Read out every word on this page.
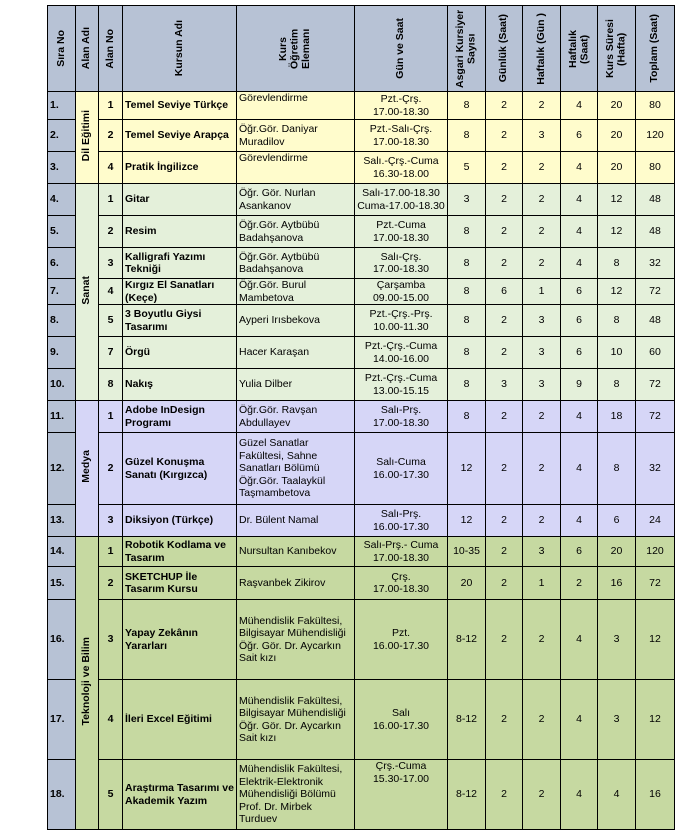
Sıra No	Alan Adı	Alan No	Kursun Adı	Kurs Öğretim Elemanı	Gün ve Saat	Asgari Kursiyer Sayısı	Günlük (Saat)	Haftalık (Gün )	Haftalık (Saat)	Kurs Süresi (Hafta)	Toplam (Saat)

1.	Dil Eğitimi	1	Temel Seviye Türkçe	Görevlendirme	Pzt.-Çrş.
17.00-18.30	8	2	2	4	20	80
2.		2	Temel Seviye Arapça	Öğr.Gör. Daniyar Muradilov	Pzt.-Salı-Çrş.
17.00-18.30	8	2	3	6	20	120
3.		4	Pratik İngilizce	Görevlendirme	Salı.-Çrş.-Cuma
16.30-18.00	5	2	2	4	20	80
4.	Sanat	1	Gitar	Öğr. Gör. Nurlan Asankanov	Salı-17.00-18.30
Cuma-17.00-18.30	3	2	2	4	12	48
5.		2	Resim	Öğr.Gör. Aytbübü Badahşanova	Pzt.-Cuma
17.00-18.30	8	2	2	4	12	48
6.		3	Kalligrafi Yazımı Tekniği	Öğr.Gör. Aytbübü Badahşanova	Salı-Çrş.
17.00-18.30	8	2	2	4	8	32
7.		4	Kırgız El Sanatları (Keçe)	Öğr.Gör. Burul Mambetova	Çarşamba
09.00-15.00	8	6	1	6	12	72
8.		5	3 Boyutlu Giysi Tasarımı	Ayperi Irısbekova	Pzt.-Çrş.-Prş.
10.00-11.30	8	2	3	6	8	48
9.		7	Örgü	Hacer Karaşan	Pzt.-Çrş.-Cuma
14.00-16.00	8	2	3	6	10	60
10.		8	Nakış	Yulia Dilber	Pzt.-Çrş.-Cuma
13.00-15.15	8	3	3	9	8	72
11.	Medya	1	Adobe InDesign Programı	Öğr.Gör. Ravşan Abdullayev	Salı-Prş.
17.00-18.30	8	2	2	4	18	72
12.		2	Güzel Konuşma Sanatı (Kırgızca)	Güzel Sanatlar Fakültesi, Sahne Sanatları Bölümü Öğr.Gör. Taalaykül Taşmambetova	Salı-Cuma
16.00-17.30	12	2	2	4	8	32
13.		3	Diksiyon (Türkçe)	Dr. Bülent Namal	Salı-Prş.
16.00-17.30	12	2	2	4	6	24
14.	Teknoloji ve Bilim	1	Robotik Kodlama ve Tasarım	Nursultan Kanıbekov	Salı-Prş.- Cuma
17.00-18.30	10-35	2	3	6	20	120
15.		2	SKETCHUP İle Tasarım Kursu	Raşvanbek Zikirov	Çrş.
17.00-18.30	20	2	1	2	16	72
16.		3	Yapay Zekânın Yararları	Mühendislik Fakültesi, Bilgisayar Mühendisliği Öğr. Gör. Dr. Aycarkın Sait kızı	Pzt.
16.00-17.30	8-12	2	2	4	3	12
17.		4	İleri Excel Eğitimi	Mühendislik Fakültesi, Bilgisayar Mühendisliği Öğr. Gör. Dr. Aycarkın Sait kızı	Salı
16.00-17.30	8-12	2	2	4	3	12
18.		5	Araştırma Tasarımı ve Akademik Yazım	Mühendislik Fakültesi, Elektrik-Elektronik Mühendisliği Bölümü Prof. Dr. Mirbek Turduev	Çrş.-Cuma
15.30-17.00	8-12	2	2	4	4	16
